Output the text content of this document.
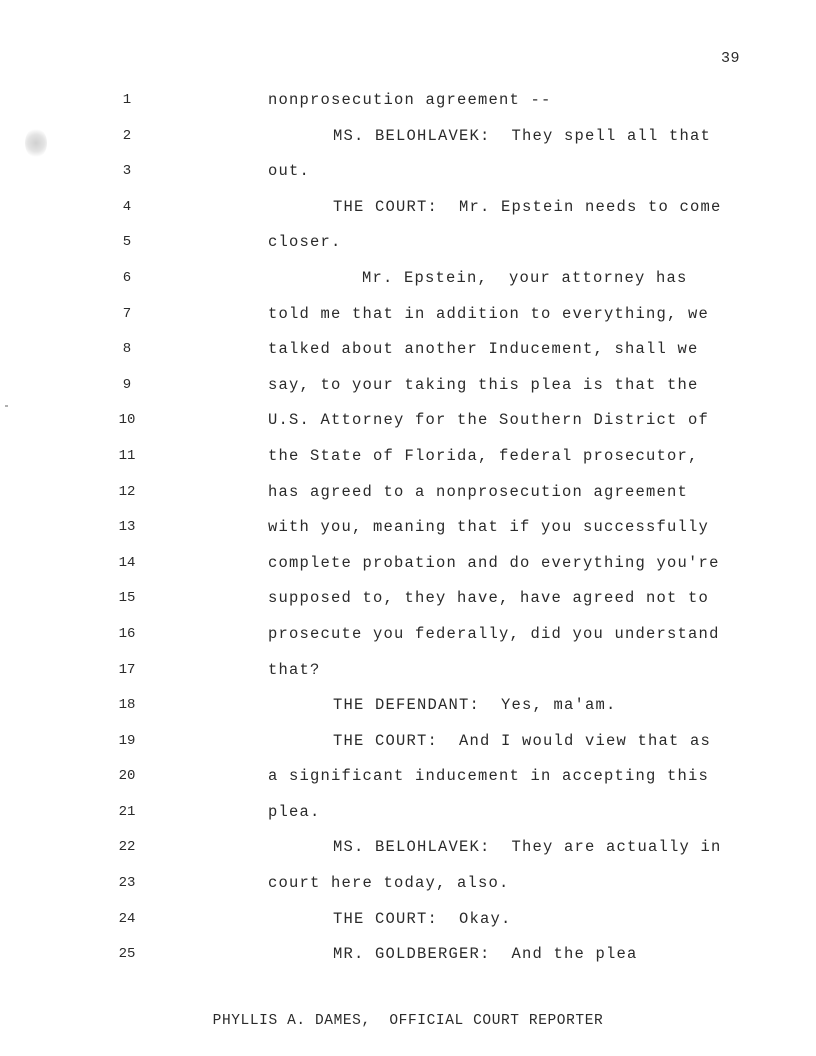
39
1	nonprosecution agreement --
2	MS. BELOHLAVEK:  They spell all that
3	out.
4	THE COURT:  Mr. Epstein needs to come
5	closer.
6	Mr. Epstein,  your attorney has
7	told me that in addition to everything, we
8	talked about another Inducement, shall we
9	say, to your taking this plea is that the
10	U.S. Attorney for the Southern District of
11	the State of Florida, federal prosecutor,
12	has agreed to a nonprosecution agreement
13	with you, meaning that if you successfully
14	complete probation and do everything you're
15	supposed to, they have, have agreed not to
16	prosecute you federally, did you understand
17	that?
18	THE DEFENDANT:  Yes, ma'am.
19	THE COURT:  And I would view that as
20	a significant inducement in accepting this
21	plea.
22	MS. BELOHLAVEK:  They are actually in
23	court here today, also.
24	THE COURT:  Okay.
25	MR. GOLDBERGER:  And the plea
PHYLLIS A. DAMES,  OFFICIAL COURT REPORTER
